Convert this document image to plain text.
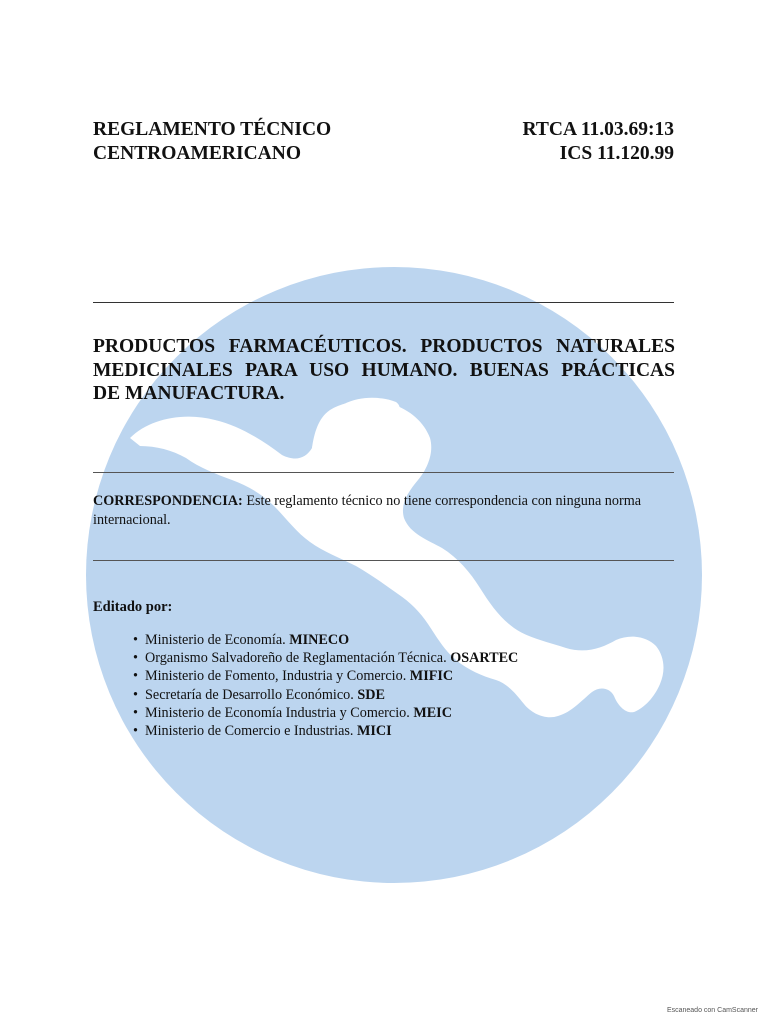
REGLAMENTO TÉCNICO
CENTROAMERICANO
RTCA 11.03.69:13
ICS 11.120.99
PRODUCTOS FARMACÉUTICOS. PRODUCTOS NATURALES
MEDICINALES PARA USO HUMANO. BUENAS PRÁCTICAS
DE MANUFACTURA.
CORRESPONDENCIA: Este reglamento técnico no tiene correspondencia con ninguna norma internacional.
Editado por:
• Ministerio de Economía. MINECO
• Organismo Salvadoreño de Reglamentación Técnica. OSARTEC
• Ministerio de Fomento, Industria y Comercio. MIFIC
• Secretaría de Desarrollo Económico. SDE
• Ministerio de Economía Industria y Comercio. MEIC
• Ministerio de Comercio e Industrias. MICI
Escaneado con CamScanner
